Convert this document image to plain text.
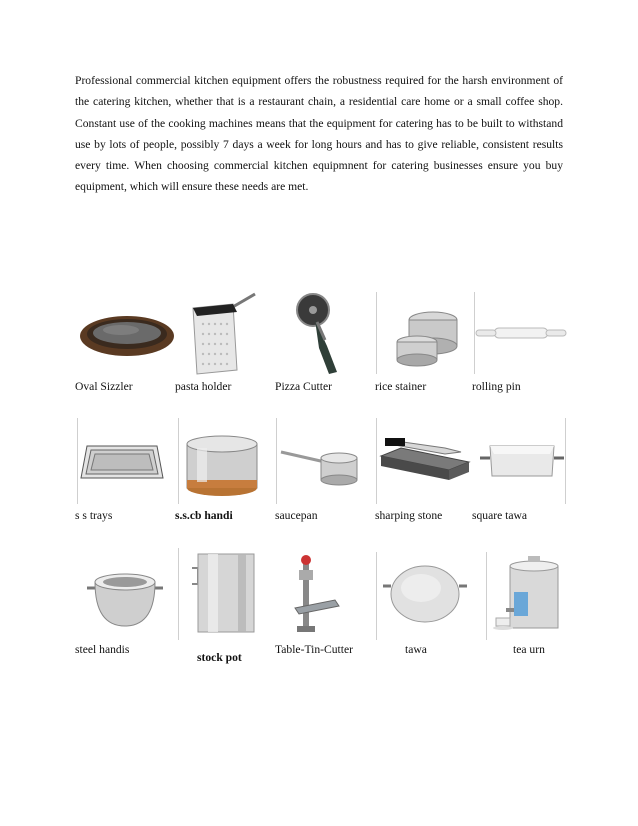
Professional commercial kitchen equipment offers the robustness required for the harsh environment of the catering kitchen, whether that is a restaurant chain, a residential care home or a small coffee shop. Constant use of the cooking machines means that the equipment for catering has to be built to withstand use by lots of people, possibly 7 days a week for long hours and has to give reliable, consistent results every time. When choosing commercial kitchen equipmnent for catering businesses ensure you buy equipment, which will ensure these needs are met.

Oval Sizzler	pasta holder	Pizza Cutter	rice stainer	rolling pin
s s trays	s.s.cb handi	saucepan	sharping stone	square tawa
steel handis
stock pot
Table-Tin-Cutter	tawa	tea urn
